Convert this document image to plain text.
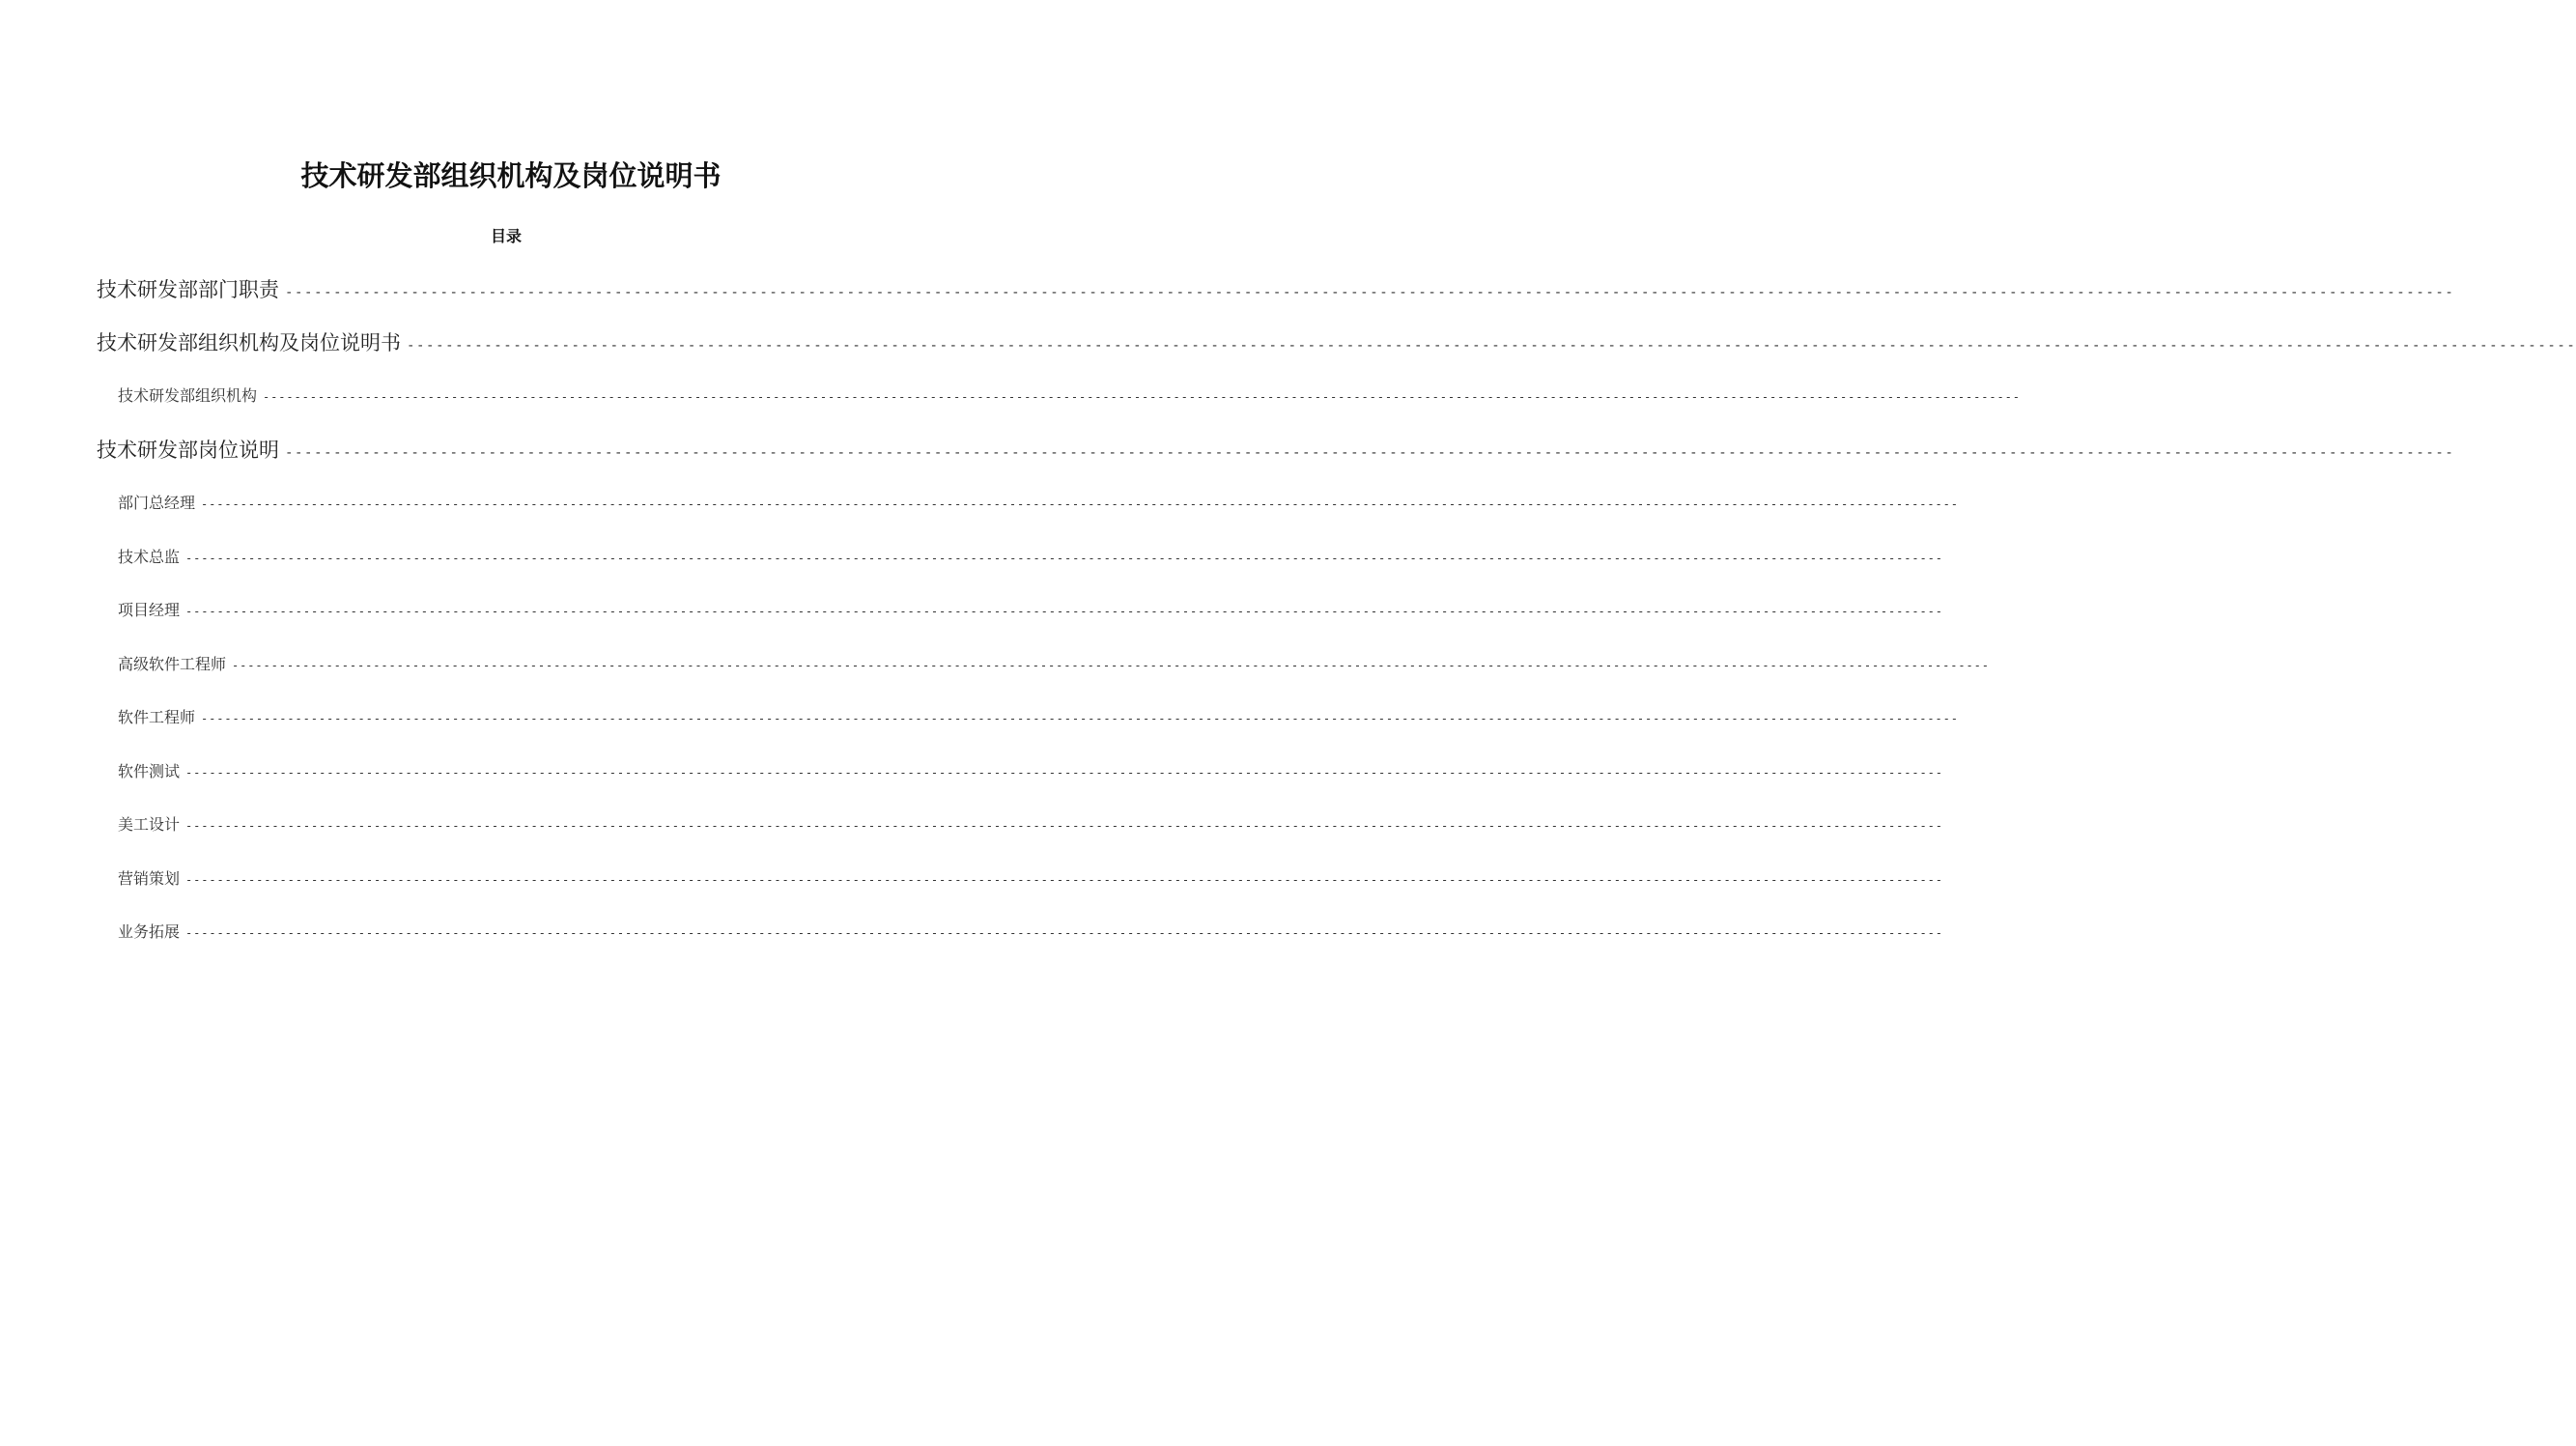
技术研发部组织机构及岗位说明书
目录
技术研发部部门职责 --------------------------------------------------------------------------------------------------------------------------------------------------------------------------------------------------------------------------------
技术研发部组织机构及岗位说明书 --------------------------------------------------------------------------------------------------------------------------------------------------------------------------------------------------------------------------------
技术研发部组织机构 --------------------------------------------------------------------------------------------------------------------------------------------------------------------------------------------------------------------------------
技术研发部岗位说明 --------------------------------------------------------------------------------------------------------------------------------------------------------------------------------------------------------------------------------
部门总经理 --------------------------------------------------------------------------------------------------------------------------------------------------------------------------------------------------------------------------------
技术总监 --------------------------------------------------------------------------------------------------------------------------------------------------------------------------------------------------------------------------------
项目经理 --------------------------------------------------------------------------------------------------------------------------------------------------------------------------------------------------------------------------------
高级软件工程师 --------------------------------------------------------------------------------------------------------------------------------------------------------------------------------------------------------------------------------
软件工程师 --------------------------------------------------------------------------------------------------------------------------------------------------------------------------------------------------------------------------------
软件测试 --------------------------------------------------------------------------------------------------------------------------------------------------------------------------------------------------------------------------------
美工设计 --------------------------------------------------------------------------------------------------------------------------------------------------------------------------------------------------------------------------------
营销策划 --------------------------------------------------------------------------------------------------------------------------------------------------------------------------------------------------------------------------------
业务拓展 --------------------------------------------------------------------------------------------------------------------------------------------------------------------------------------------------------------------------------
